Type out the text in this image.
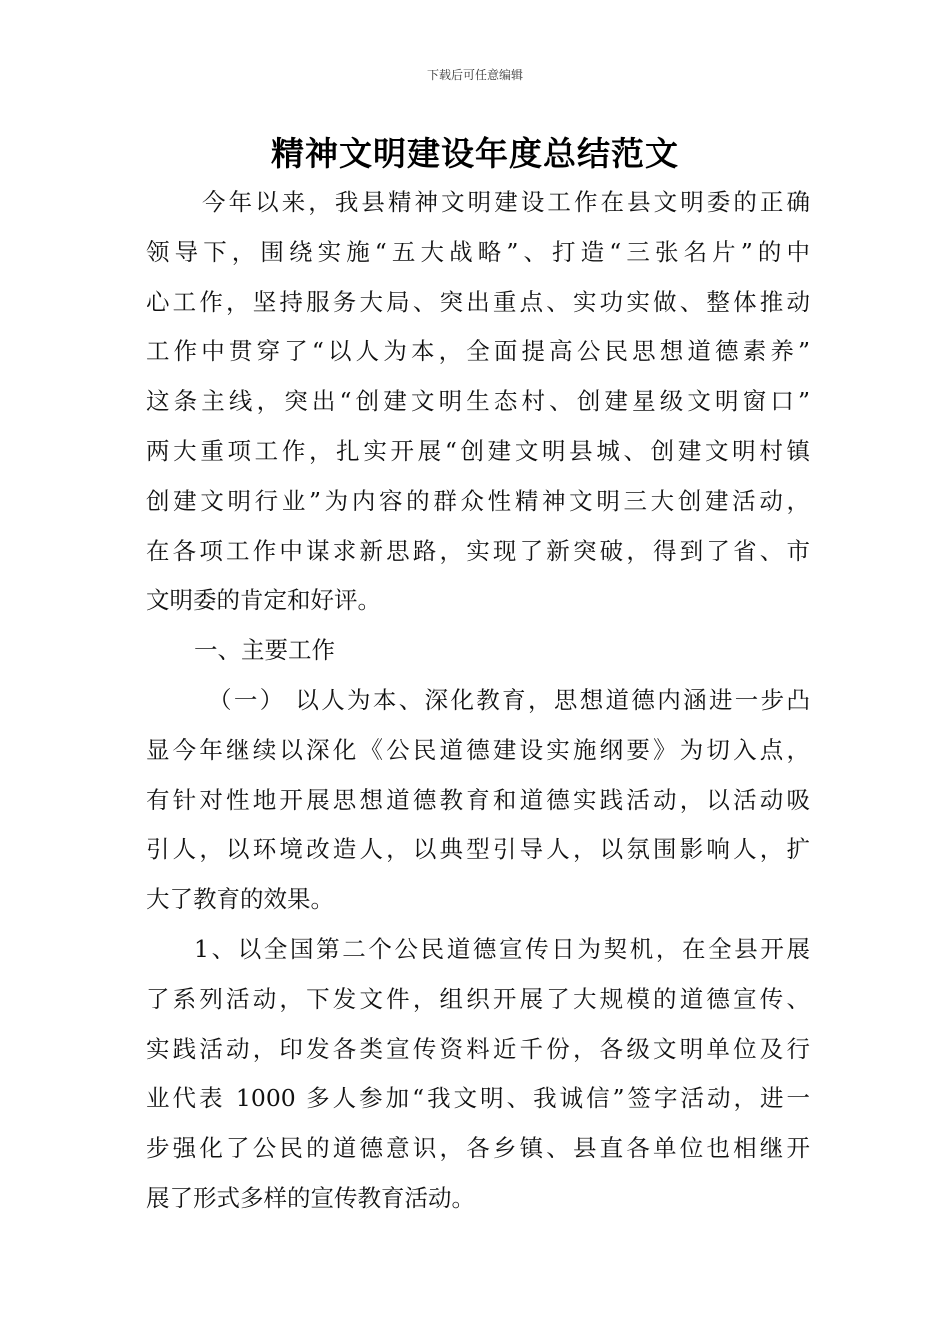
下载后可任意编辑
精神文明建设年度总结范文
今年以来，我县精神文明建设工作在县文明委的正确
领导下，围绕实施“五大战略”、打造“三张名片”的中
心工作，坚持服务大局、突出重点、实功实做、整体推动
工作中贯穿了“以人为本，全面提高公民思想道德素养”
这条主线，突出“创建文明生态村、创建星级文明窗口”
两大重项工作，扎实开展“创建文明县城、创建文明村镇
创建文明行业”为内容的群众性精神文明三大创建活动，
在各项工作中谋求新思路，实现了新突破，得到了省、市
文明委的肯定和好评。
一、主要工作
（一） 以人为本、深化教育，思想道德内涵进一步凸
显今年继续以深化《公民道德建设实施纲要》为切入点，
有针对性地开展思想道德教育和道德实践活动，以活动吸
引人，以环境改造人，以典型引导人，以氛围影响人，扩
大了教育的效果。
1、以全国第二个公民道德宣传日为契机，在全县开展
了系列活动，下发文件，组织开展了大规模的道德宣传、
实践活动，印发各类宣传资料近千份，各级文明单位及行
业代表 1000 多人参加“我文明、我诚信”签字活动，进一
步强化了公民的道德意识，各乡镇、县直各单位也相继开
展了形式多样的宣传教育活动。
